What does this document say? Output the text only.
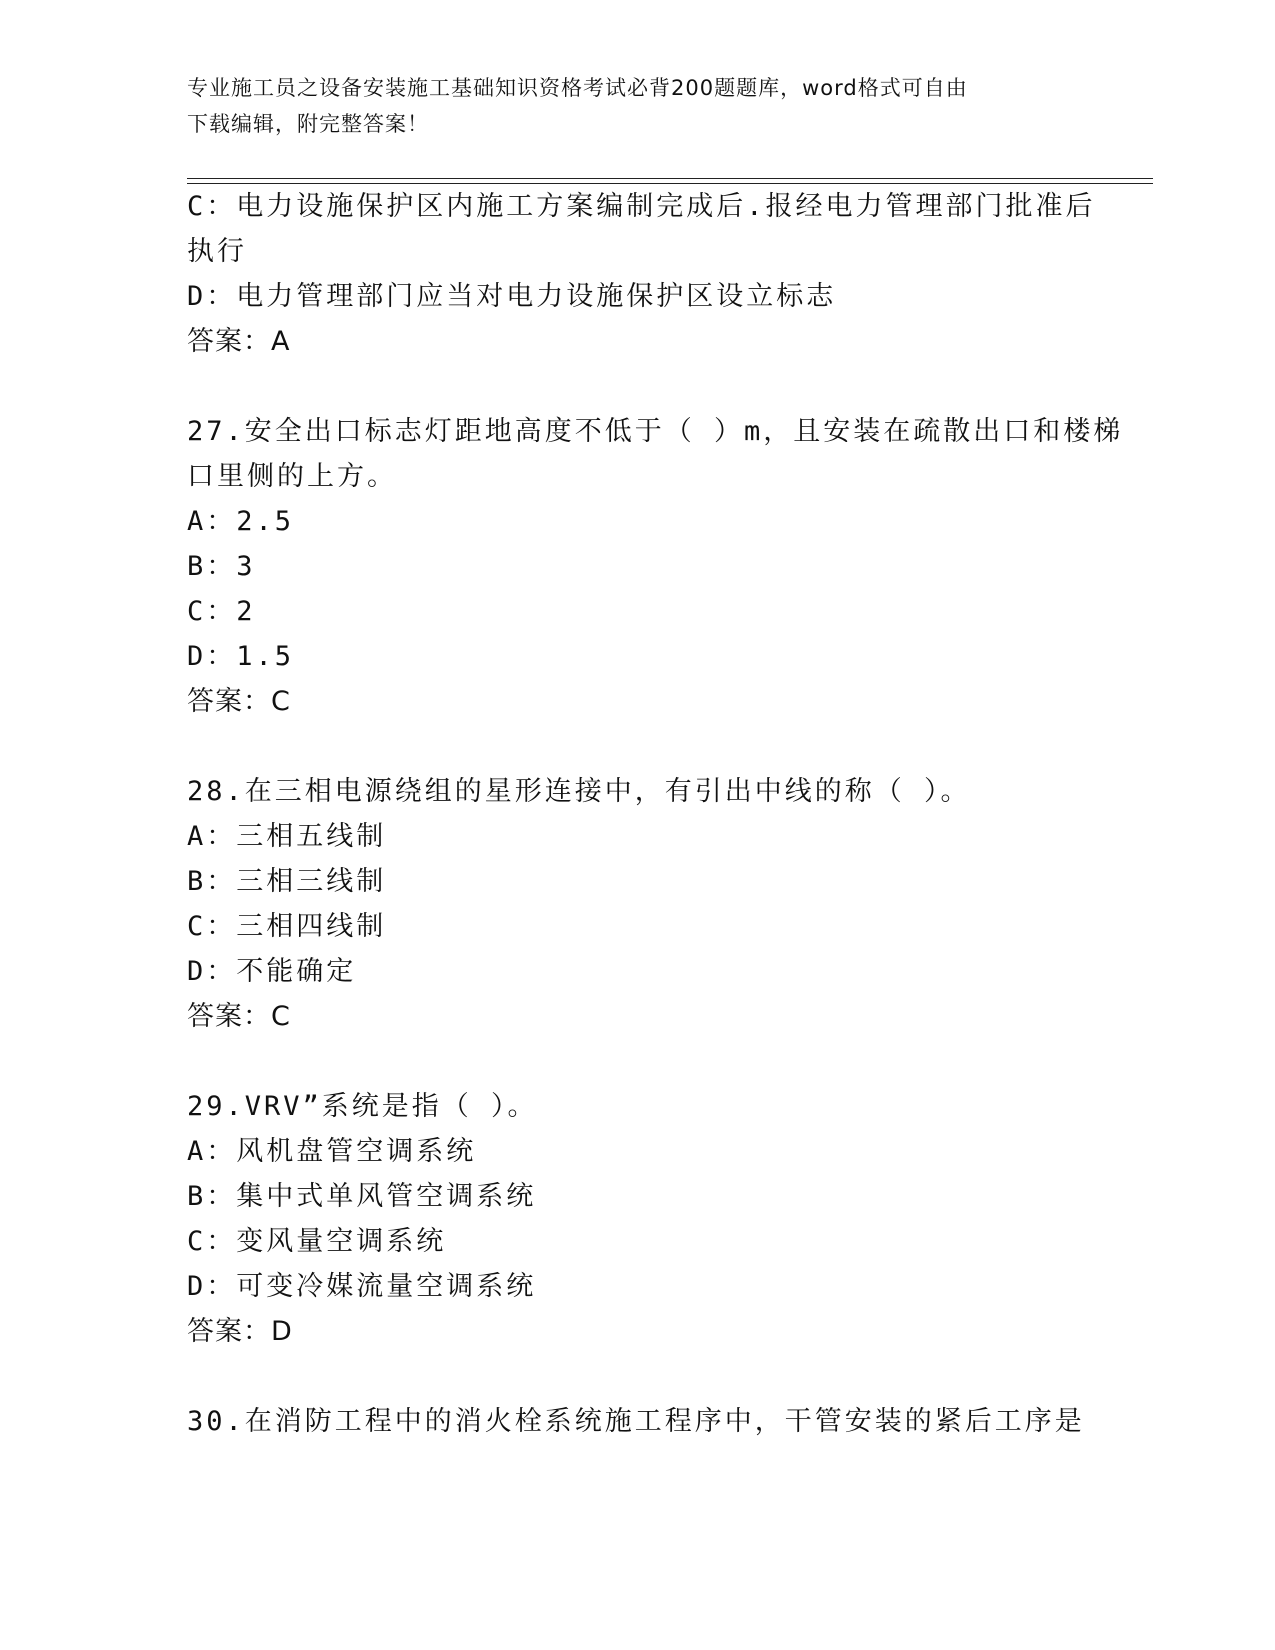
专业施工员之设备安装施工基础知识资格考试必背200题题库，word格式可自由
下载编辑，附完整答案！
C：电力设施保护区内施工方案编制完成后.报经电力管理部门批准后
执行
D：电力管理部门应当对电力设施保护区设立标志
答案：A
27.安全出口标志灯距地高度不低于（ ）m，且安装在疏散出口和楼梯
口里侧的上方。
A：2.5
B：3
C：2
D：1.5
答案：C
28.在三相电源绕组的星形连接中，有引出中线的称（ ）。
A：三相五线制
B：三相三线制
C：三相四线制
D：不能确定
答案：C
29.VRV”系统是指（ ）。
A：风机盘管空调系统
B：集中式单风管空调系统
C：变风量空调系统
D：可变冷媒流量空调系统
答案：D
30.在消防工程中的消火栓系统施工程序中，干管安装的紧后工序是
